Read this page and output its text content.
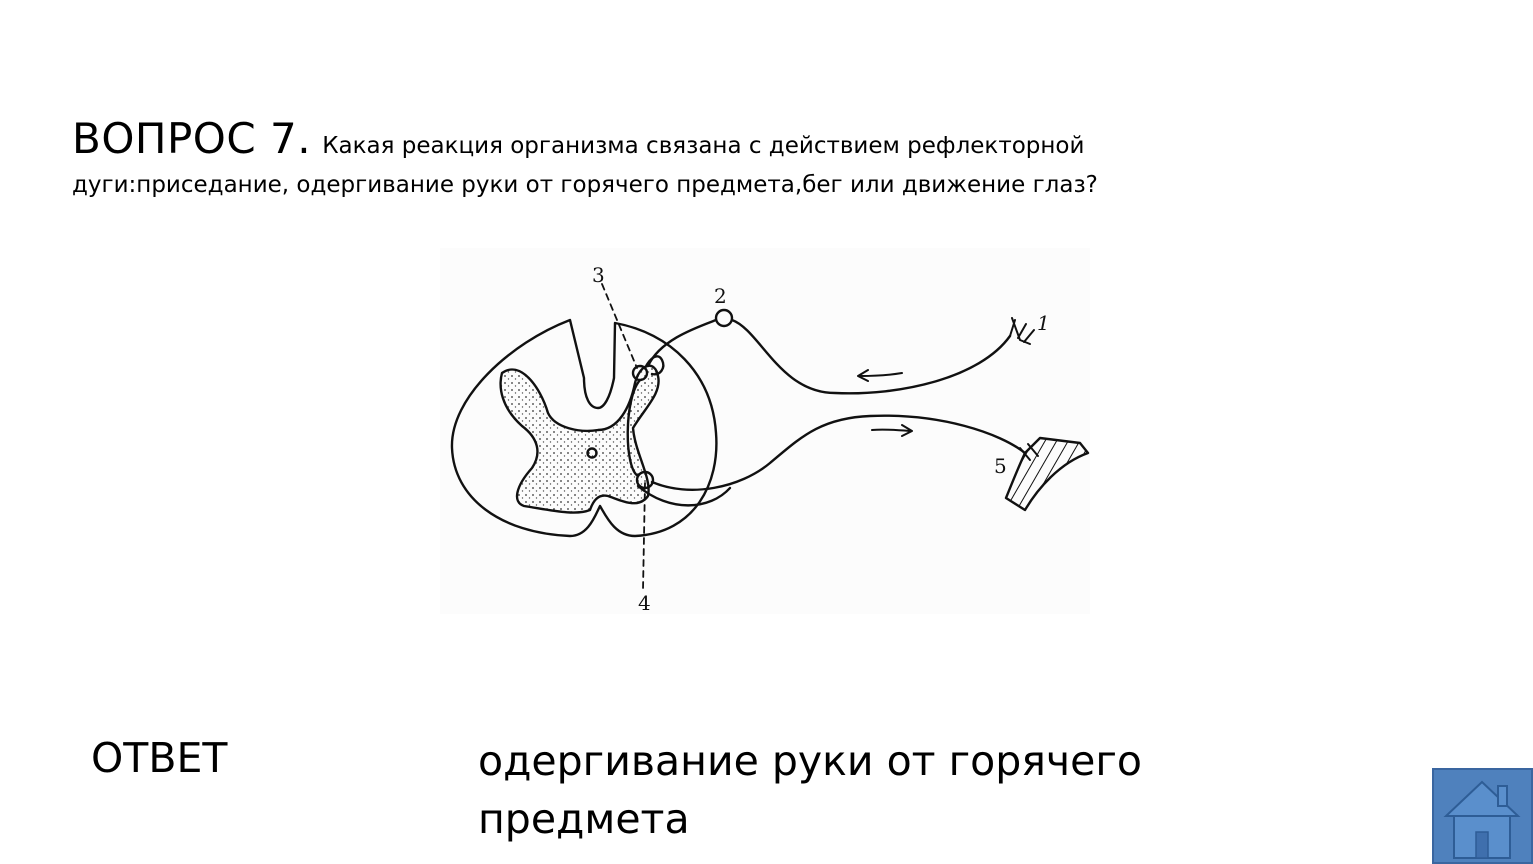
ВОПРОС 7. Какая реакция организма связана с действием рефлекторной
дуги:приседание, одергивание руки от горячего предмета,бег или движение глаз?
3
2
1
5
4
ОТВЕТ	одергивание руки от горячего предмета
